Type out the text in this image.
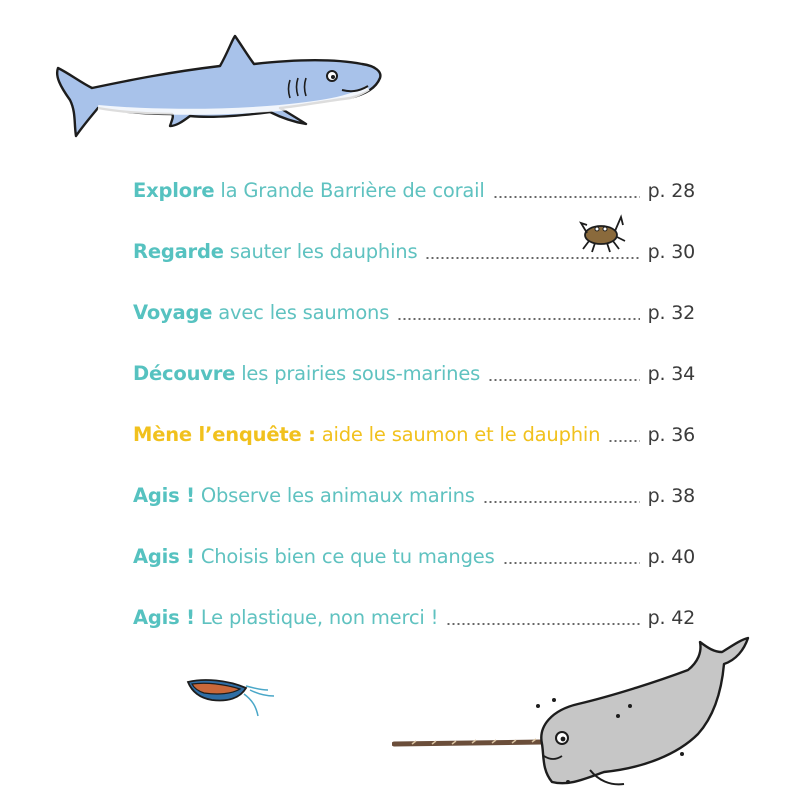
Explore la Grande Barrière de corail	p. 28
Regarde sauter les dauphins	p. 30
Voyage avec les saumons	p. 32
Découvre les prairies sous-marines	p. 34
Mène l’enquête : aide le saumon et le dauphin p. 36
Agis ! Observe les animaux marins	p. 38
Agis ! Choisis bien ce que tu manges	p. 40
Agis ! Le plastique, non merci !	p. 42
